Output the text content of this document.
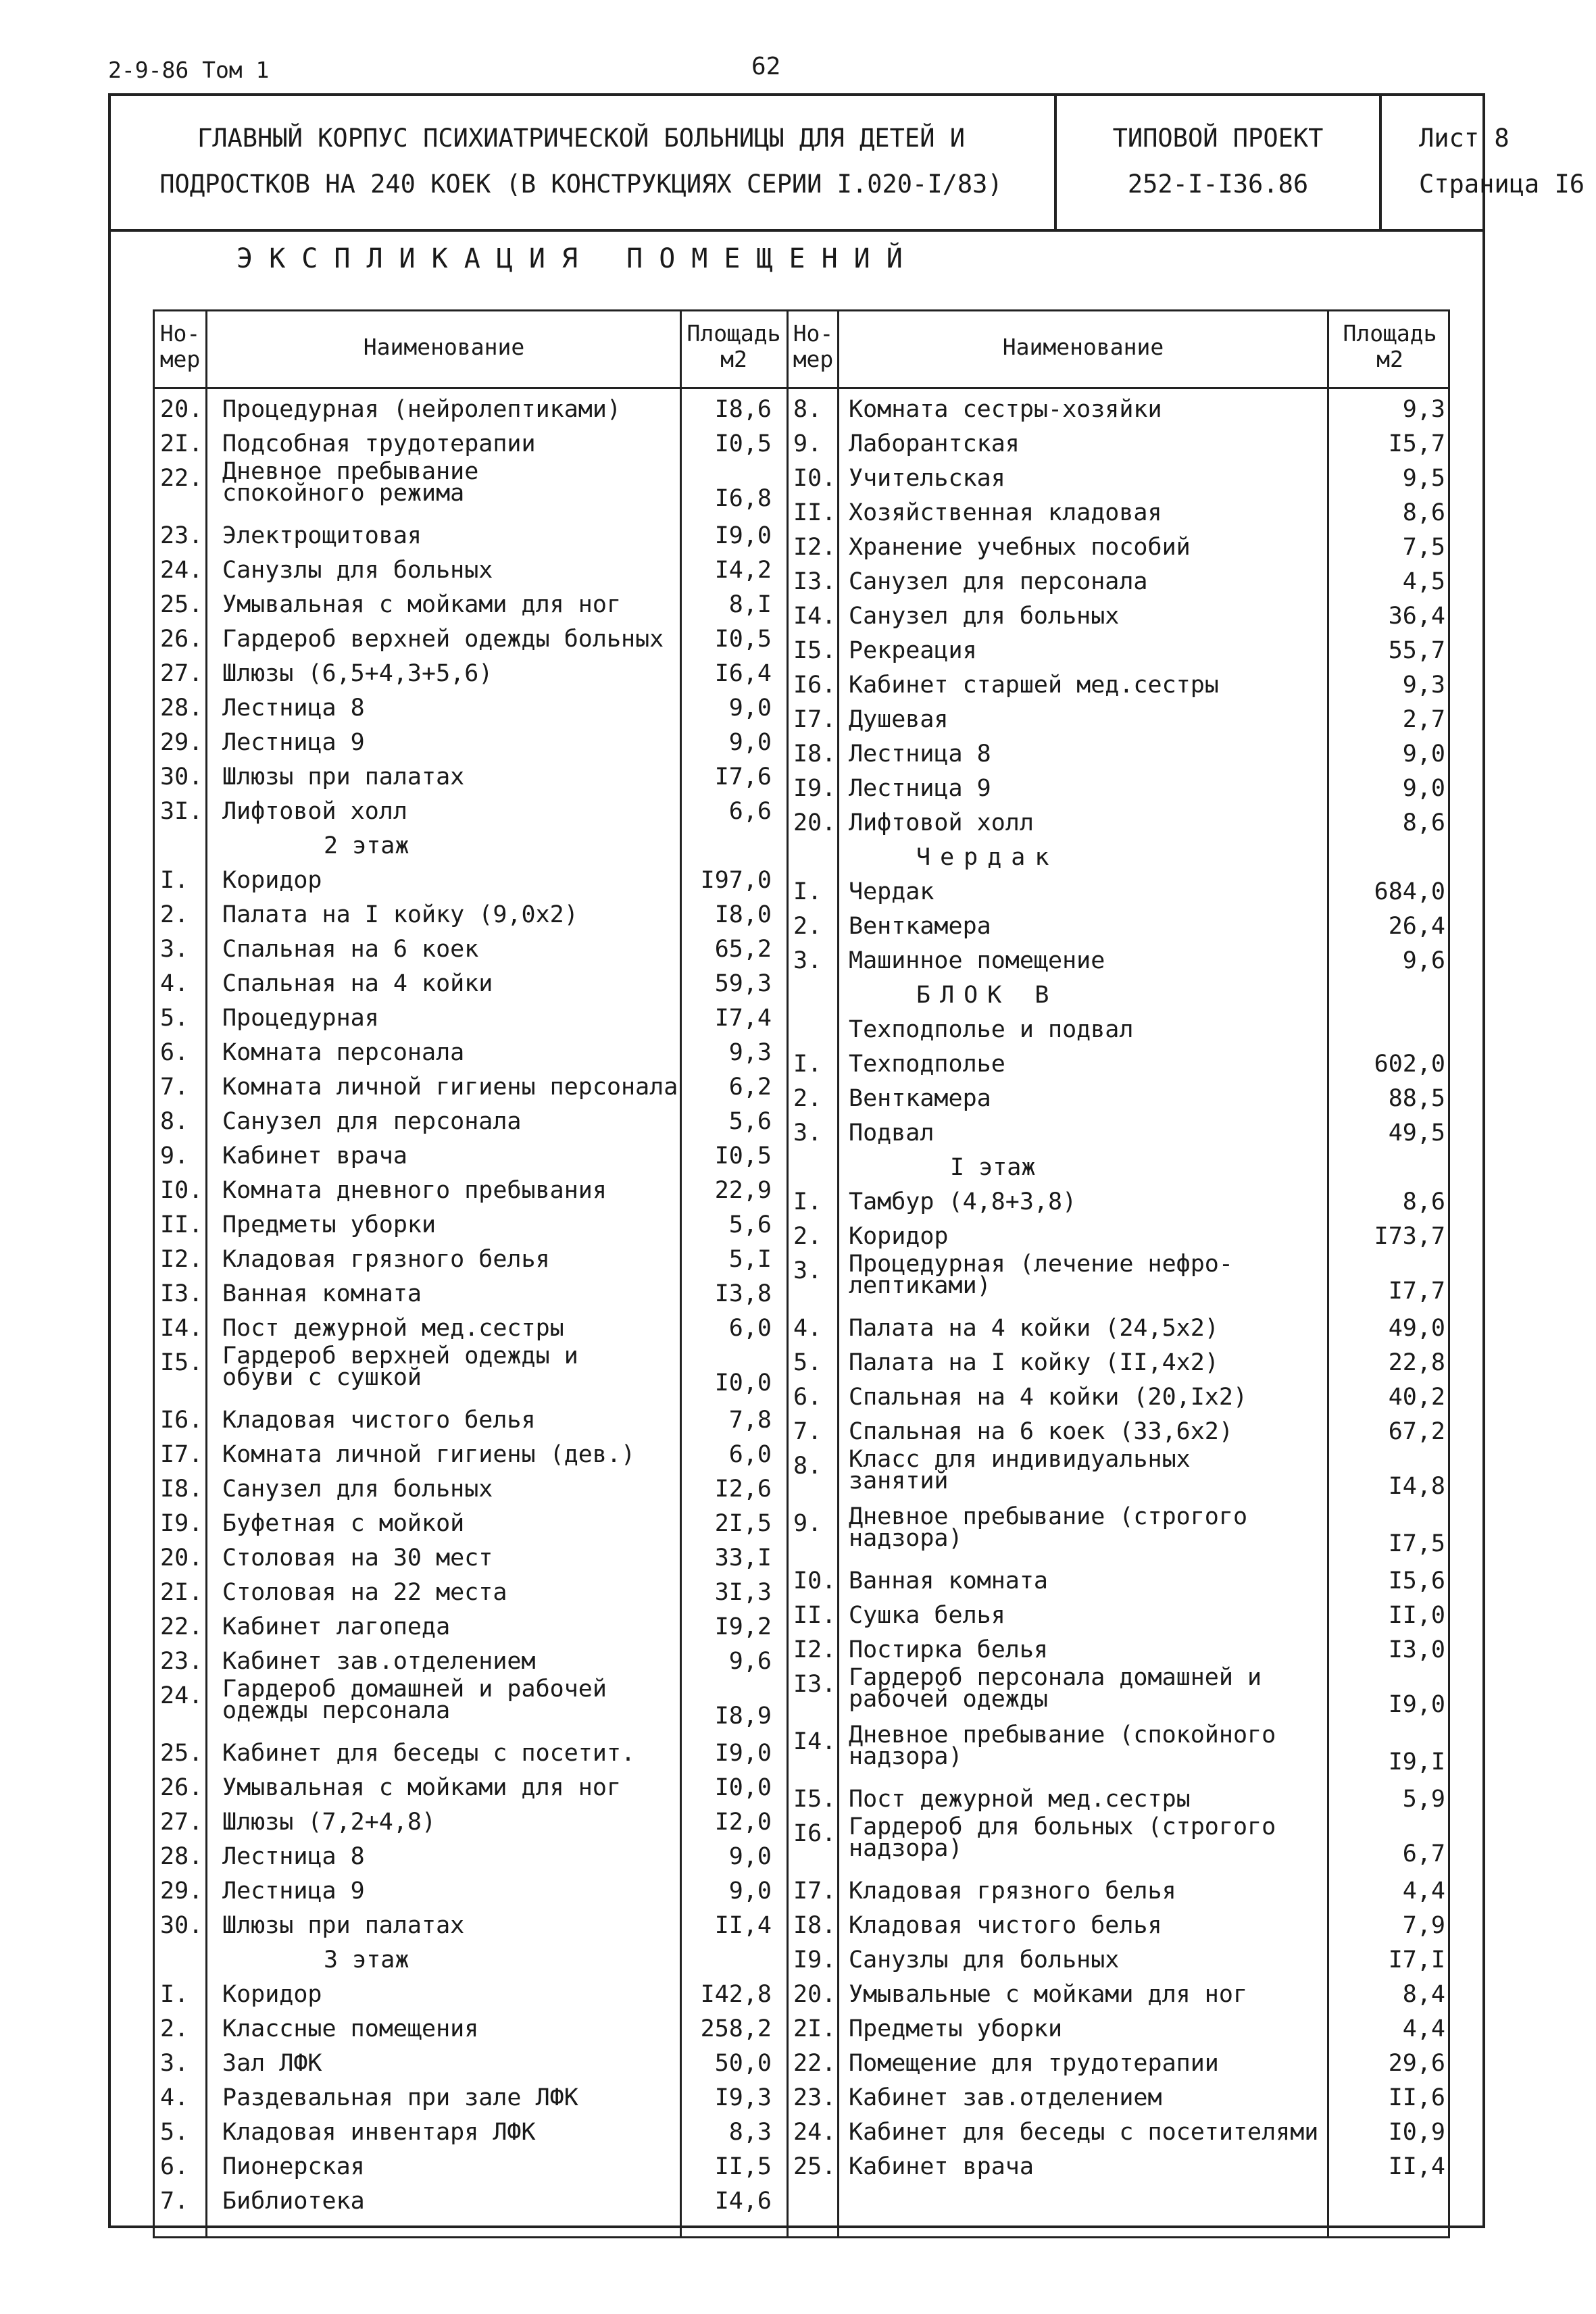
2-9-86 Том 1	62
ГЛАВНЫЙ КОРПУС ПСИХИАТРИЧЕСКОЙ БОЛЬНИЦЫ ДЛЯ ДЕТЕЙ И
ПОДРОСТКОВ НА 240 КОЕК (В КОНСТРУКЦИЯХ СЕРИИ I.020-I/83)
ТИПОВОЙ ПРОЕКТ
252-I-I36.86
Лист 8
Страница I6
ЭКСПЛИКАЦИЯ ПОМЕЩЕНИЙ
Но-
мер	Наименование
Площадь
м2
Но-
мер	Наименование
Площадь
м2
20. Процедурная (нейролептиками)	I8,6
2I. Подсобная трудотерапии	I0,5
22. Дневное пребывание
спокойного режима	I6,8
23. Электрощитовая	I9,0
24. Санузлы для больных	I4,2
25. Умывальная с мойками для ног	8,I
26. Гардероб верхней одежды больных	I0,5
27. Шлюзы (6,5+4,3+5,6)	I6,4
28. Лестница 8	9,0
29. Лестница 9	9,0
30. Шлюзы при палатах	I7,6
3I. Лифтовой холл	6,6
2 этаж
I. Коридор	I97,0
2. Палата на I койку (9,0х2)	I8,0
3. Спальная на 6 коек	65,2
4. Спальная на 4 койки	59,3
5. Процедурная	I7,4
6. Комната персонала	9,3
7. Комната личной гигиены персонала	6,2
8. Санузел для персонала	5,6
9. Кабинет врача	I0,5
I0. Комната дневного пребывания	22,9
II. Предметы уборки	5,6
I2. Кладовая грязного белья	5,I
I3. Ванная комната	I3,8
I4. Пост дежурной мед.сестры	6,0
I5. Гардероб верхней одежды и
обуви с сушкой	I0,0
I6. Кладовая чистого белья	7,8
I7. Комната личной гигиены (дев.)	6,0
I8. Санузел для больных	I2,6
I9. Буфетная с мойкой	2I,5
20. Столовая на 30 мест	33,I
2I. Столовая на 22 места	3I,3
22. Кабинет лагопеда	I9,2
23. Кабинет зав.отделением	9,6
24. Гардероб домашней и рабочей
одежды персонала	I8,9
25. Кабинет для беседы с посетит.	I9,0
26. Умывальная с мойками для ног	I0,0
27. Шлюзы (7,2+4,8)	I2,0
28. Лестница 8	9,0
29. Лестница 9	9,0
30. Шлюзы при палатах	II,4
3 этаж
I. Коридор	I42,8
2. Классные помещения	258,2
3. Зал ЛФК	50,0
4. Раздевальная при зале ЛФК	I9,3
5. Кладовая инвентаря ЛФК	8,3
6. Пионерская	II,5
7. Библиотека	I4,6
8. Комната сестры-хозяйки	9,3
9. Лаборантская	I5,7
I0. Учительская	9,5
II. Хозяйственная кладовая	8,6
I2. Хранение учебных пособий	7,5
I3. Санузел для персонала	4,5
I4. Санузел для больных	36,4
I5. Рекреация	55,7
I6. Кабинет старшей мед.сестры	9,3
I7. Душевая	2,7
I8. Лестница 8	9,0
I9. Лестница 9	9,0
20. Лифтовой холл	8,6
Чердак
I. Чердак	684,0
2. Венткамера	26,4
3. Машинное помещение	9,6
БЛОК В
Техподполье и подвал
I. Техподполье	602,0
2. Венткамера	88,5
3. Подвал	49,5
I этаж
I. Тамбур (4,8+3,8)	8,6
2. Коридор	I73,7
3. Процедурная (лечение нефро-
лептиками)	I7,7
4. Палата на 4 койки (24,5х2)	49,0
5. Палата на I койку (II,4х2)	22,8
6. Спальная на 4 койки (20,Iх2)	40,2
7. Спальная на 6 коек (33,6х2)	67,2
8. Класс для индивидуальных
занятий	I4,8
9. Дневное пребывание (строгого
надзора)	I7,5
I0. Ванная комната	I5,6
II. Сушка белья	II,0
I2. Постирка белья	I3,0
I3. Гардероб персонала домашней и
рабочей одежды	I9,0
I4. Дневное пребывание (спокойного
надзора)	I9,I
I5. Пост дежурной мед.сестры	5,9
I6. Гардероб для больных (строгого
надзора)	6,7
I7. Кладовая грязного белья	4,4
I8. Кладовая чистого белья	7,9
I9. Санузлы для больных	I7,I
20. Умывальные с мойками для ног	8,4
2I. Предметы уборки	4,4
22. Помещение для трудотерапии	29,6
23. Кабинет зав.отделением	II,6
24. Кабинет для беседы с посетителями	I0,9
25. Кабинет врача	II,4
